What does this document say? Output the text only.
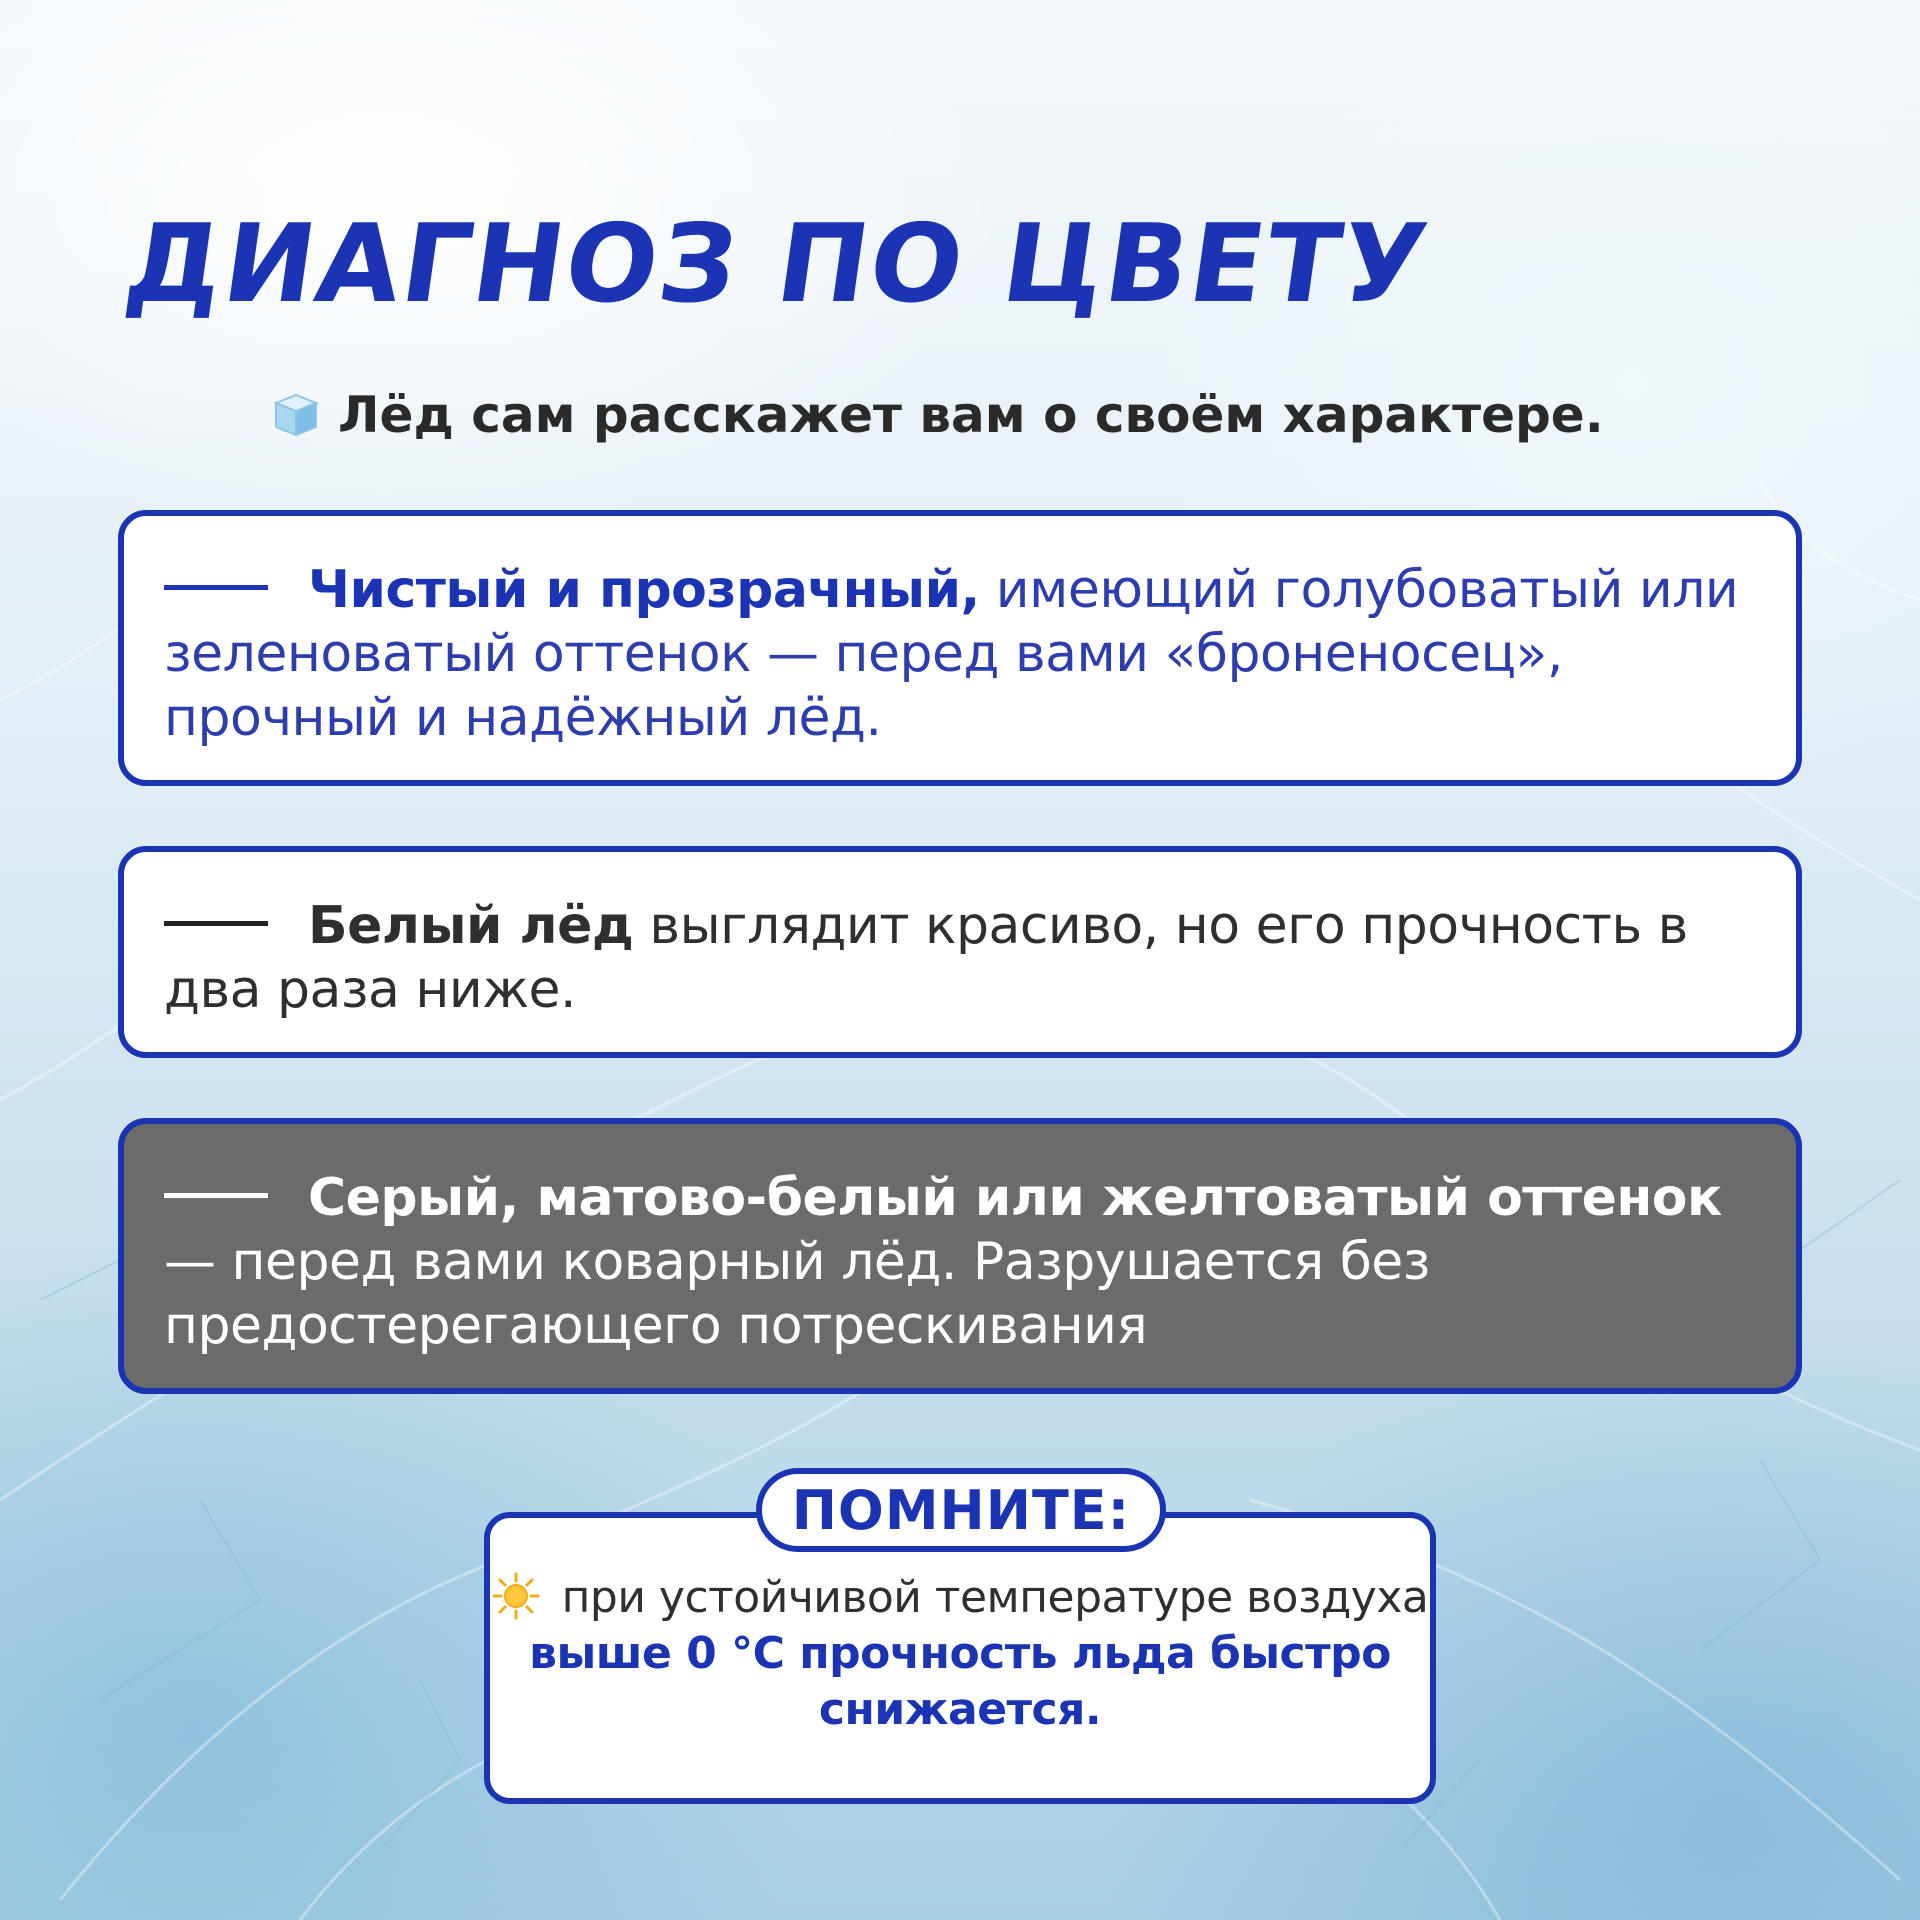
ДИАГНОЗ ПО ЦВЕТУ
Лёд сам расскажет вам о своём характере.
Чистый и прозрачный, имеющий голубоватый или зеленоватый оттенок — перед вами «броненосец», прочный и надёжный лёд.
Белый лёд выглядит красиво, но его прочность в два раза ниже.
Серый, матово-белый или желтоватый оттенок — перед вами коварный лёд. Разрушается без предостерегающего потрескивания
ПОМНИТЕ:
при устойчивой температуре воздуха выше 0 °С прочность льда быстро снижается.
